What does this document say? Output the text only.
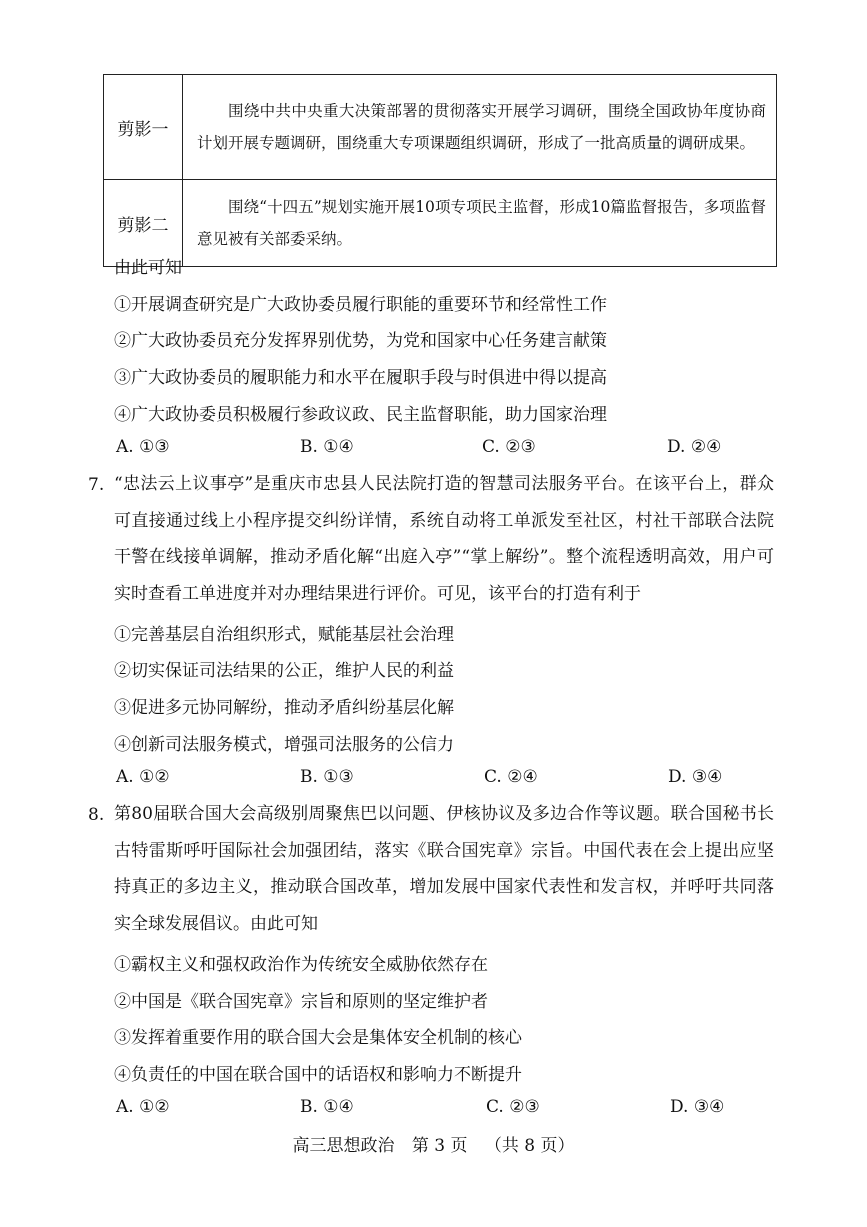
剪影一	围绕中共中央重大决策部署的贯彻落实开展学习调研，围绕全国政协年度协商计划开展专题调研，围绕重大专项课题组织调研，形成了一批高质量的调研成果。
剪影二	围绕“十四五”规划实施开展10项专项民主监督，形成10篇监督报告，多项监督意见被有关部委采纳。
由此可知
①开展调查研究是广大政协委员履行职能的重要环节和经常性工作
②广大政协委员充分发挥界别优势，为党和国家中心任务建言献策
③广大政协委员的履职能力和水平在履职手段与时俱进中得以提高
④广大政协委员积极履行参政议政、民主监督职能，助力国家治理
A. ①③	B. ①④	C. ②③	D. ②④
7. “忠法云上议事亭”是重庆市忠县人民法院打造的智慧司法服务平台。在该平台上，群众可直接通过线上小程序提交纠纷详情，系统自动将工单派发至社区，村社干部联合法院干警在线接单调解，推动矛盾化解“出庭入亭”“掌上解纷”。整个流程透明高效，用户可实时查看工单进度并对办理结果进行评价。可见，该平台的打造有利于
①完善基层自治组织形式，赋能基层社会治理
②切实保证司法结果的公正，维护人民的利益
③促进多元协同解纷，推动矛盾纠纷基层化解
④创新司法服务模式，增强司法服务的公信力
A. ①②	B. ①③	C. ②④	D. ③④
8. 第80届联合国大会高级别周聚焦巴以问题、伊核协议及多边合作等议题。联合国秘书长古特雷斯呼吁国际社会加强团结，落实《联合国宪章》宗旨。中国代表在会上提出应坚持真正的多边主义，推动联合国改革，增加发展中国家代表性和发言权，并呼吁共同落实全球发展倡议。由此可知
①霸权主义和强权政治作为传统安全威胁依然存在
②中国是《联合国宪章》宗旨和原则的坚定维护者
③发挥着重要作用的联合国大会是集体安全机制的核心
④负责任的中国在联合国中的话语权和影响力不断提升
A. ①②	B. ①④	C. ②③	D. ③④
高三思想政治 第 3 页 （共 8 页）
